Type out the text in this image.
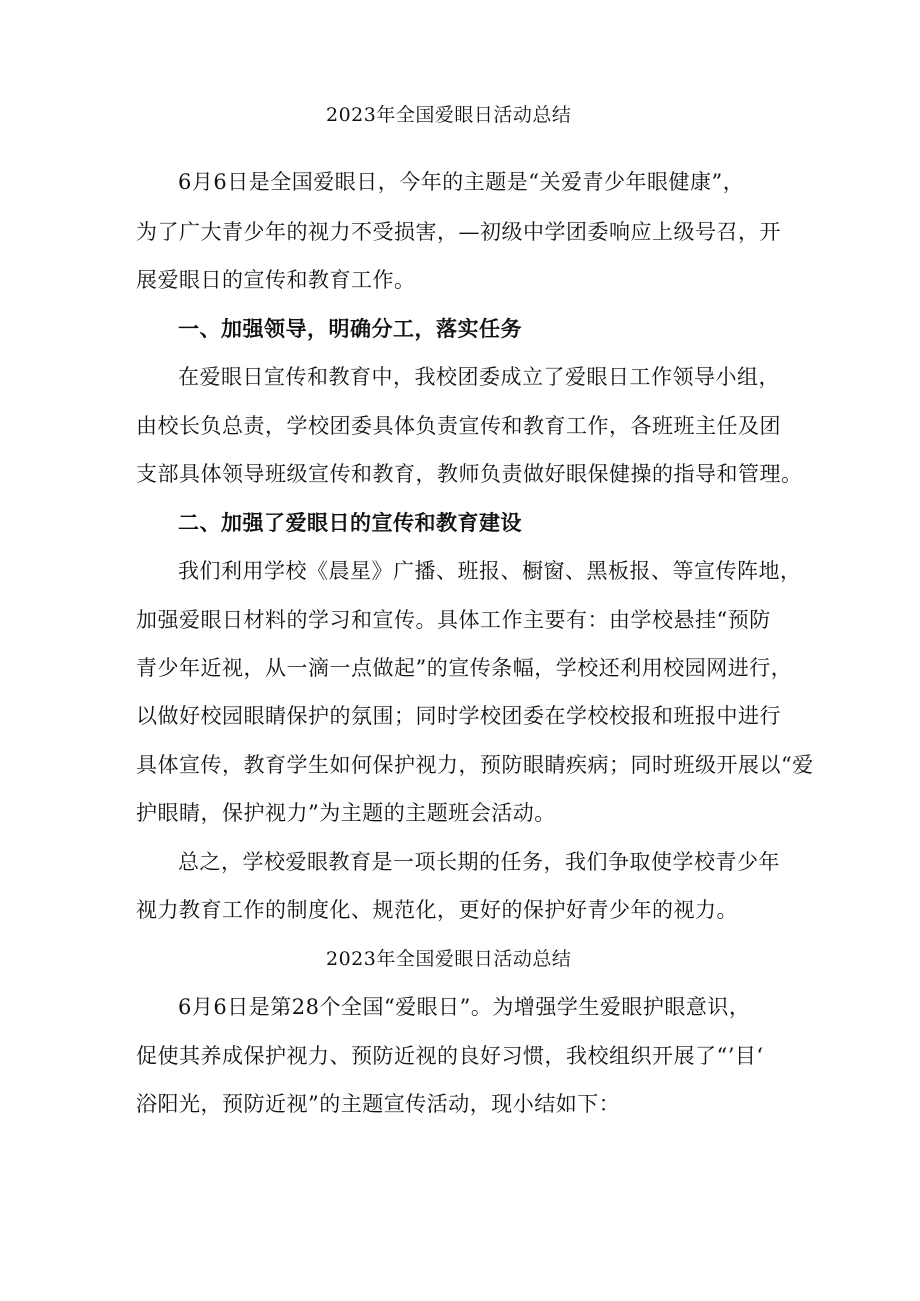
2023年全国爱眼日活动总结
6月6日是全国爱眼日，今年的主题是“关爱青少年眼健康”，
为了广大青少年的视力不受损害，—初级中学团委响应上级号召，开
展爱眼日的宣传和教育工作。
一、加强领导，明确分工，落实任务
在爱眼日宣传和教育中，我校团委成立了爱眼日工作领导小组，
由校长负总责，学校团委具体负责宣传和教育工作，各班班主任及团
支部具体领导班级宣传和教育，教师负责做好眼保健操的指导和管理。
二、加强了爱眼日的宣传和教育建设
我们利用学校《晨星》广播、班报、橱窗、黑板报、等宣传阵地，
加强爱眼日材料的学习和宣传。具体工作主要有：由学校悬挂“预防
青少年近视，从一滴一点做起”的宣传条幅，学校还利用校园网进行，
以做好校园眼睛保护的氛围；同时学校团委在学校校报和班报中进行
具体宣传，教育学生如何保护视力，预防眼睛疾病；同时班级开展以“爱
护眼睛，保护视力”为主题的主题班会活动。
总之，学校爱眼教育是一项长期的任务，我们争取使学校青少年
视力教育工作的制度化、规范化，更好的保护好青少年的视力。
2023年全国爱眼日活动总结
6月6日是第28个全国“爱眼日”。为增强学生爱眼护眼意识，
促使其养成保护视力、预防近视的良好习惯，我校组织开展了“’目‘
浴阳光，预防近视”的主题宣传活动，现小结如下：
